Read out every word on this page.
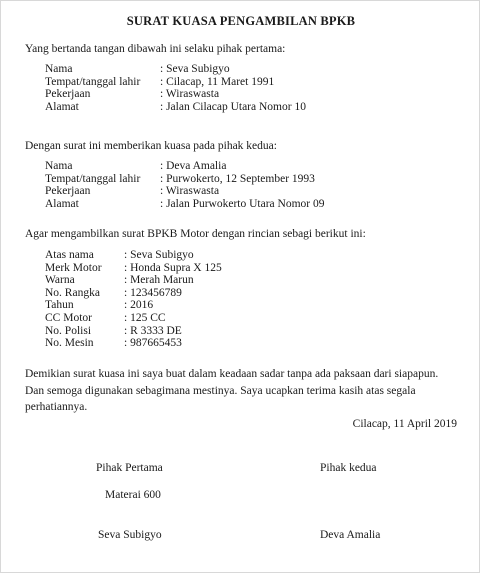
SURAT KUASA PENGAMBILAN BPKB
Yang bertanda tangan dibawah ini selaku pihak pertama:
Nama	: Seva Subigyo
Tempat/tanggal lahir	: Cilacap, 11 Maret 1991
Pekerjaan	: Wiraswasta
Alamat	: Jalan Cilacap Utara Nomor 10
Dengan surat ini memberikan kuasa pada pihak kedua:
Nama	: Deva Amalia
Tempat/tanggal lahir	: Purwokerto, 12 September 1993
Pekerjaan	: Wiraswasta
Alamat	: Jalan Purwokerto Utara Nomor 09
Agar mengambilkan surat BPKB Motor dengan rincian sebagi berikut ini:
Atas nama	: Seva Subigyo
Merk Motor	: Honda Supra X 125
Warna	: Merah Marun
No. Rangka	: 123456789
Tahun	: 2016
CC Motor	: 125 CC
No. Polisi	: R 3333 DE
No. Mesin	: 987665453
Demikian surat kuasa ini saya buat dalam keadaan sadar tanpa ada paksaan dari siapapun.
Dan semoga digunakan sebagimana mestinya. Saya ucapkan terima kasih atas segala
perhatiannya.
Cilacap, 11 April 2019
Pihak Pertama	Pihak kedua
Materai 600
Seva Subigyo	Deva Amalia
